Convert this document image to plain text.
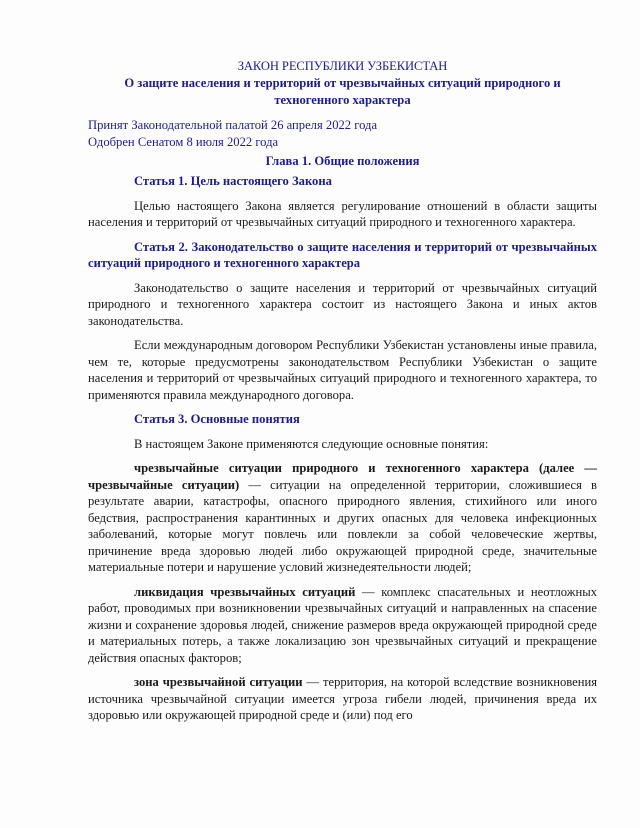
ЗАКОН РЕСПУБЛИКИ УЗБЕКИСТАН
О защите населения и территорий от чрезвычайных ситуаций природного и техногенного характера
Принят Законодательной палатой 26 апреля 2022 года
Одобрен Сенатом 8 июля 2022 года
Глава 1. Общие положения
Статья 1. Цель настоящего Закона

Целью настоящего Закона является регулирование отношений в области защиты населения и территорий от чрезвычайных ситуаций природного и техногенного характера.

Статья 2. Законодательство о защите населения и территорий от чрезвычайных ситуаций природного и техногенного характера

Законодательство о защите населения и территорий от чрезвычайных ситуаций природного и техногенного характера состоит из настоящего Закона и иных актов законодательства.

Если международным договором Республики Узбекистан установлены иные правила, чем те, которые предусмотрены законодательством Республики Узбекистан о защите населения и территорий от чрезвычайных ситуаций природного и техногенного характера, то применяются правила международного договора.

Статья 3. Основные понятия

В настоящем Законе применяются следующие основные понятия:

чрезвычайные ситуации природного и техногенного характера (далее — чрезвычайные ситуации) — ситуации на определенной территории, сложившиеся в результате аварии, катастрофы, опасного природного явления, стихийного или иного бедствия, распространения карантинных и других опасных для человека инфекционных заболеваний, которые могут повлечь или повлекли за собой человеческие жертвы, причинение вреда здоровью людей либо окружающей природной среде, значительные материальные потери и нарушение условий жизнедеятельности людей;

ликвидация чрезвычайных ситуаций — комплекс спасательных и неотложных работ, проводимых при возникновении чрезвычайных ситуаций и направленных на спасение жизни и сохранение здоровья людей, снижение размеров вреда окружающей природной среде и материальных потерь, а также локализацию зон чрезвычайных ситуаций и прекращение действия опасных факторов;

зона чрезвычайной ситуации — территория, на которой вследствие возникновения источника чрезвычайной ситуации имеется угроза гибели людей, причинения вреда их здоровью или окружающей природной среде и (или) под его
